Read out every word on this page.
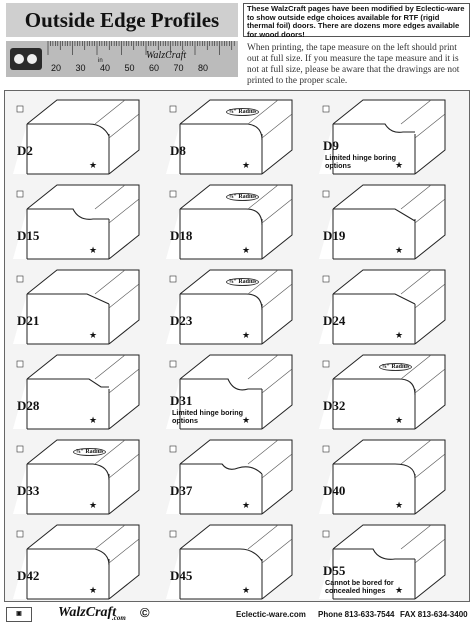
Outside Edge Profiles	These WalzCraft pages have been modified by Eclectic-ware to show outside edge choices available for RTF (rigid thermal foil) doors. There are dozens more edges available for wood doors!
20 30 40 50 60 70 80
in	WalzCraft
When printing, the tape measure on the left should print out at full size. If you measure the tape measure and it is not at full size, please be aware that the drawings are not printed to the proper scale.
D2
★
D8
★
⅜" Radius
D9
★
Limited hinge boring options
D15
★
D18
★
⅜" Radius
D19
★
D21
★
D23
★
⅜" Radius
D24
★
D28
★
D31
★
Limited hinge boring options
D32
★
⅜" Radius
D33
★
⅜" Radius
D37
★
D40
★
D42
★
D45
★
D55
★
Cannot be bored for concealed hinges
▣	WalzCraft
.com ©	Eclectic-ware.com Phone 813-633-7544 FAX 813-634-3400
